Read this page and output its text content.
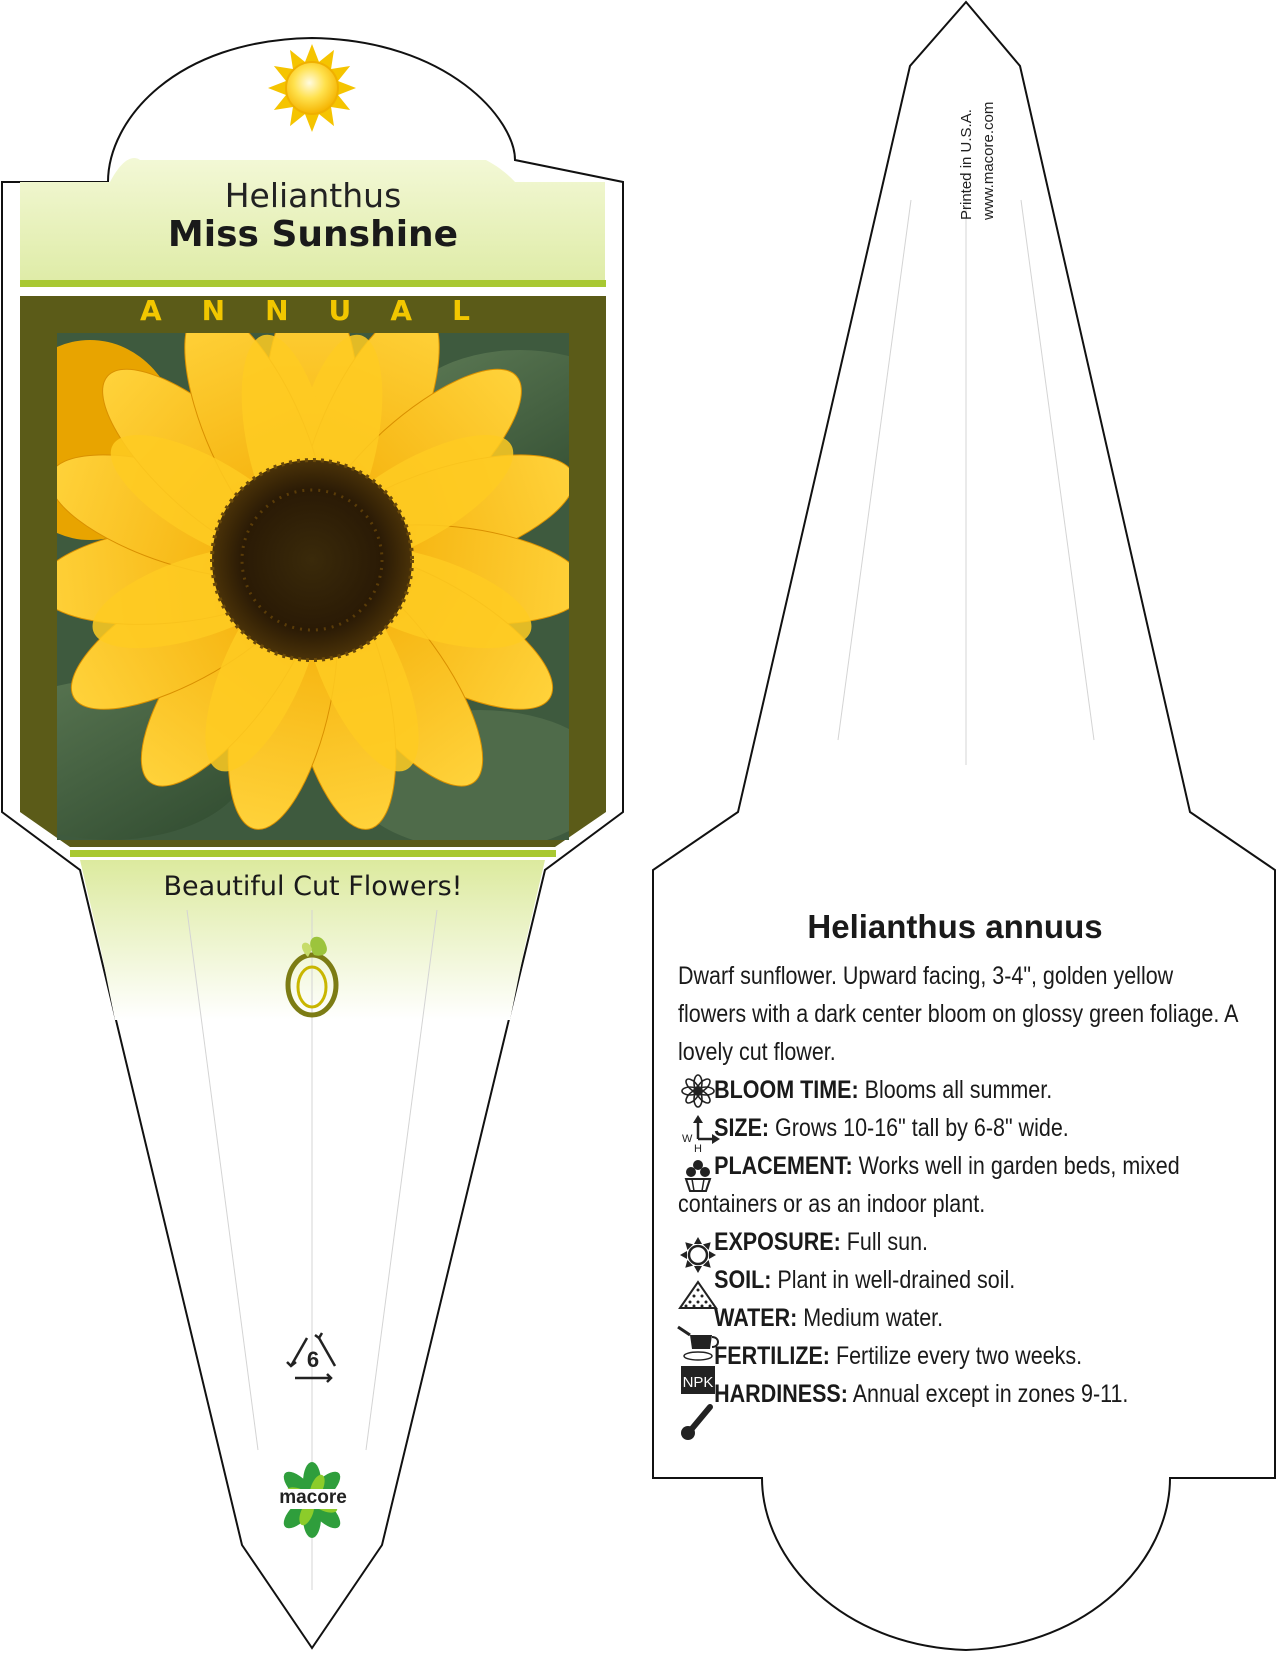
W
H
NPK
Helianthus
Miss Sunshine
ANNUAL
Beautiful Cut Flowers!
6
macore
Printed in U.S.A. www.macore.com
Helianthus annuus

Dwarf sunflower. Upward facing, 3-4", golden yellow flowers with a dark center bloom on glossy green foliage. A lovely cut flower.

BLOOM TIME: Blooms all summer.
SIZE: Grows 10-16" tall by 6-8" wide.
PLACEMENT: Works well in garden beds, mixed

containers or as an indoor plant.

EXPOSURE: Full sun.
SOIL: Plant in well-drained soil.
WATER: Medium water.
FERTILIZE: Fertilize every two weeks.
HARDINESS: Annual except in zones 9-11.
